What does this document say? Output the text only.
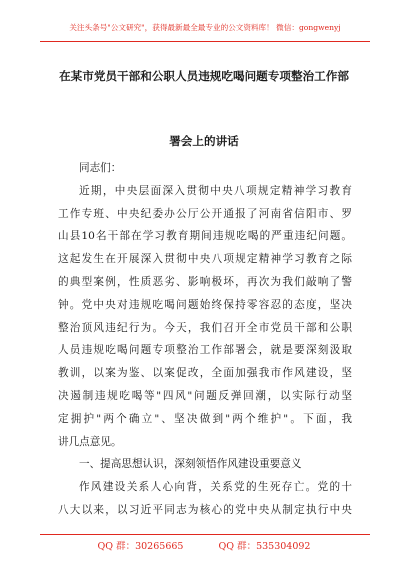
关注头条号"公文研究"，获得最新最全最专业的公文资料库！ 微信：gongwenyj
在某市党员干部和公职人员违规吃喝问题专项整治工作部
署会上的讲话
同志们：
近期，中央层面深入贯彻中央八项规定精神学习教育
工作专班、中央纪委办公厅公开通报了河南省信阳市、罗
山县10名干部在学习教育期间违规吃喝的严重违纪问题。
这起发生在开展深入贯彻中央八项规定精神学习教育之际
的典型案例，性质恶劣、影响极坏，再次为我们敲响了警
钟。党中央对违规吃喝问题始终保持零容忍的态度，坚决
整治顶风违纪行为。今天，我们召开全市党员干部和公职
人员违规吃喝问题专项整治工作部署会，就是要深刻汲取
教训，以案为鉴、以案促改，全面加强我市作风建设，坚
决遏制违规吃喝等"四风"问题反弹回潮，以实际行动坚
定拥护"两个确立"、坚决做到"两个维护"。下面，我
讲几点意见。
一、提高思想认识，深刻领悟作风建设重要意义
作风建设关系人心向背，关系党的生死存亡。党的十
八大以来，以习近平同志为核心的党中央从制定执行中央
QQ 群：30265665	QQ 群：535304092
